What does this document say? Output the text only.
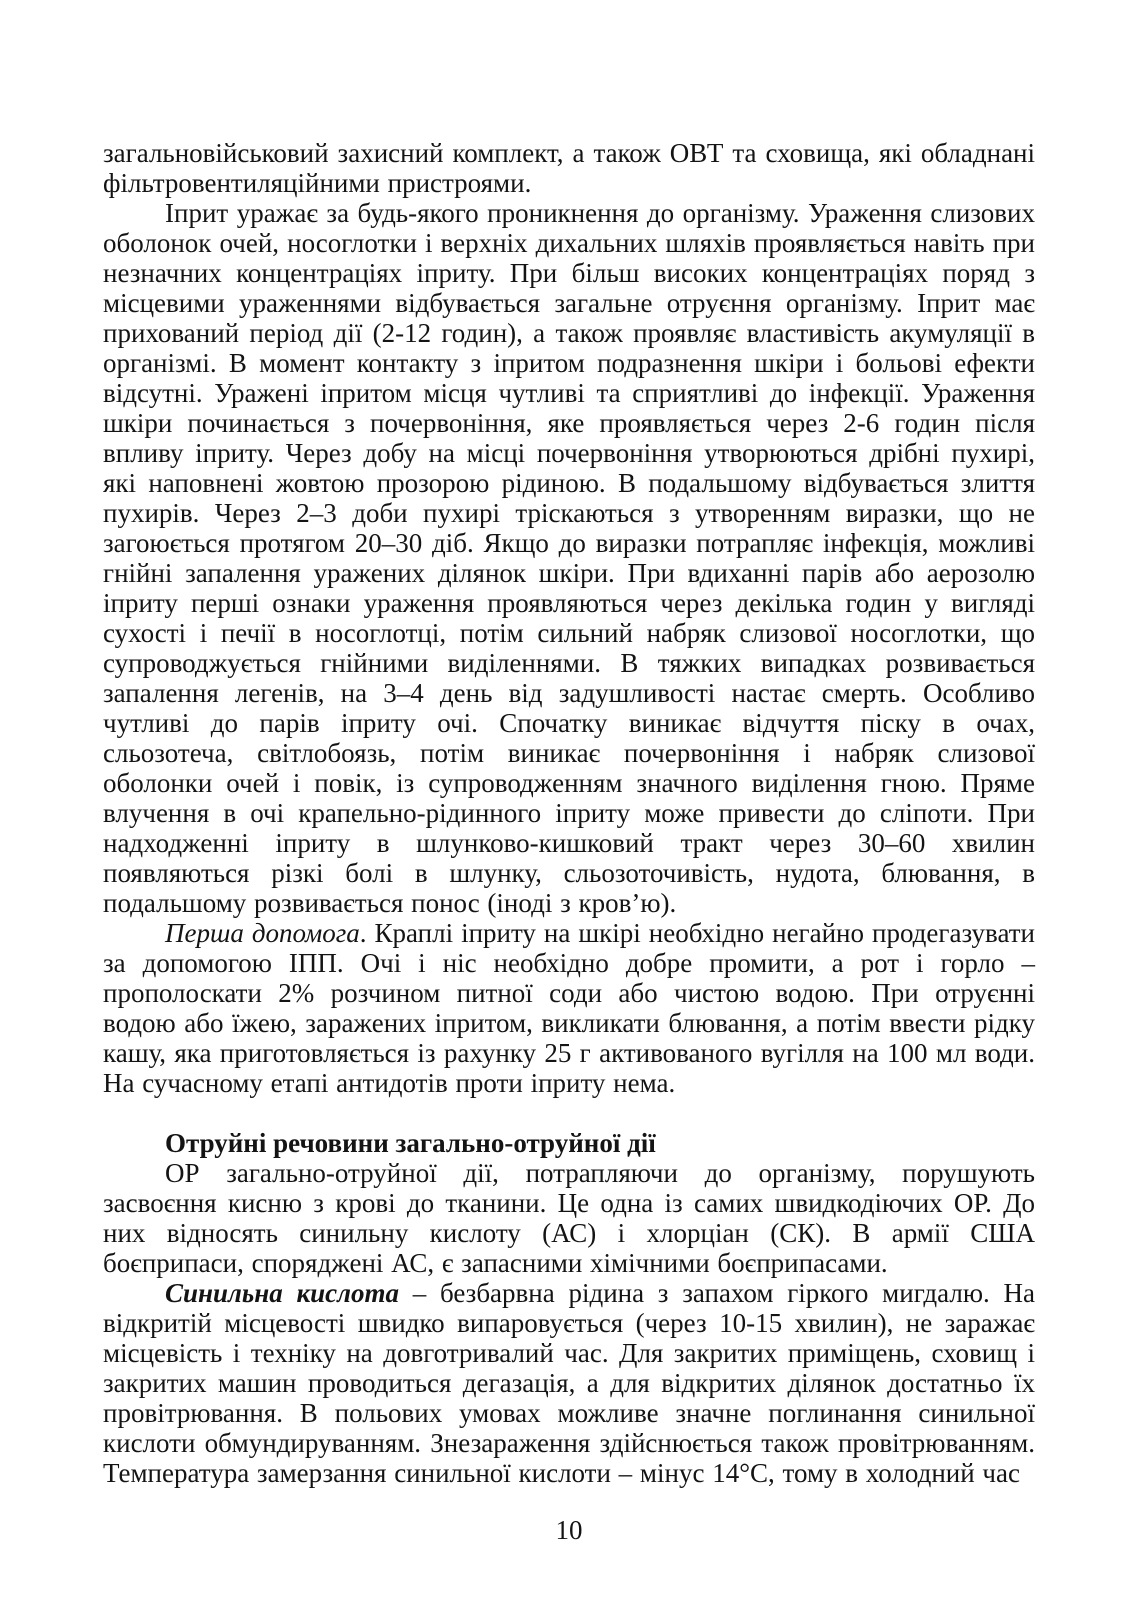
загальновійськовий захисний комплект, а також ОВТ та сховища, які обладнані фільтровентиляційними пристроями.

Іприт уражає за будь-якого проникнення до організму. Ураження слизових оболонок очей, носоглотки і верхніх дихальних шляхів проявляється навіть при незначних концентраціях іприту. При більш високих концентраціях поряд з місцевими ураженнями відбувається загальне отруєння організму. Іприт має прихований період дії (2-12 годин), а також проявляє властивість акумуляції в організмі. В момент контакту з іпритом подразнення шкіри і больові ефекти відсутні. Уражені іпритом місця чутливі та сприятливі до інфекції. Ураження шкіри починається з почервоніння, яке проявляється через 2-6 годин після впливу іприту. Через добу на місці почервоніння утворюються дрібні пухирі, які наповнені жовтою прозорою рідиною. В подальшому відбувається злиття пухирів. Через 2–3 доби пухирі тріскаються з утворенням виразки, що не загоюється протягом 20–30 діб. Якщо до виразки потрапляє інфекція, можливі гнійні запалення уражених ділянок шкіри. При вдиханні парів або аерозолю іприту перші ознаки ураження проявляються через декілька годин у вигляді сухості і печії в носоглотці, потім сильний набряк слизової носоглотки, що супроводжується гнійними виділеннями. В тяжких випадках розвивається запалення легенів, на 3–4 день від задушливості настає смерть. Особливо чутливі до парів іприту очі. Спочатку виникає відчуття піску в очах, сльозотеча, світлобоязь, потім виникає почервоніння і набряк слизової оболонки очей і повік, із супроводженням значного виділення гною. Пряме влучення в очі крапельно-рідинного іприту може привести до сліпоти. При надходженні іприту в шлунково-кишковий тракт через 30–60 хвилин появляються різкі болі в шлунку, сльозоточивість, нудота, блювання, в подальшому розвивається понос (іноді з кров’ю).

Перша допомога. Краплі іприту на шкірі необхідно негайно продегазувати за допомогою ІПП. Очі і ніс необхідно добре промити, а рот і горло – прополоскати 2% розчином питної соди або чистою водою. При отруєнні водою або їжею, заражених іпритом, викликати блювання, а потім ввести рідку кашу, яка приготовляється із рахунку 25 г активованого вугілля на 100 мл води. На сучасному етапі антидотів проти іприту нема.

Отруйні речовини загально-отруйної дії

ОР загально-отруйної дії, потрапляючи до організму, порушують засвоєння кисню з крові до тканини. Це одна із самих швидкодіючих ОР. До них відносять синильну кислоту (АС) і хлорціан (СК). В армії США боєприпаси, споряджені АС, є запасними хімічними боєприпасами.

Синильна кислота – безбарвна рідина з запахом гіркого мигдалю. На відкритій місцевості швидко випаровується (через 10-15 хвилин), не заражає місцевість і техніку на довготривалий час. Для закритих приміщень, сховищ і закритих машин проводиться дегазація, а для відкритих ділянок достатньо їх провітрювання. В польових умовах можливе значне поглинання синильної кислоти обмундируванням. Знезараження здійснюється також провітрюванням. Температура замерзання синильної кислоти – мінус 14°С, тому в холодний час

10
